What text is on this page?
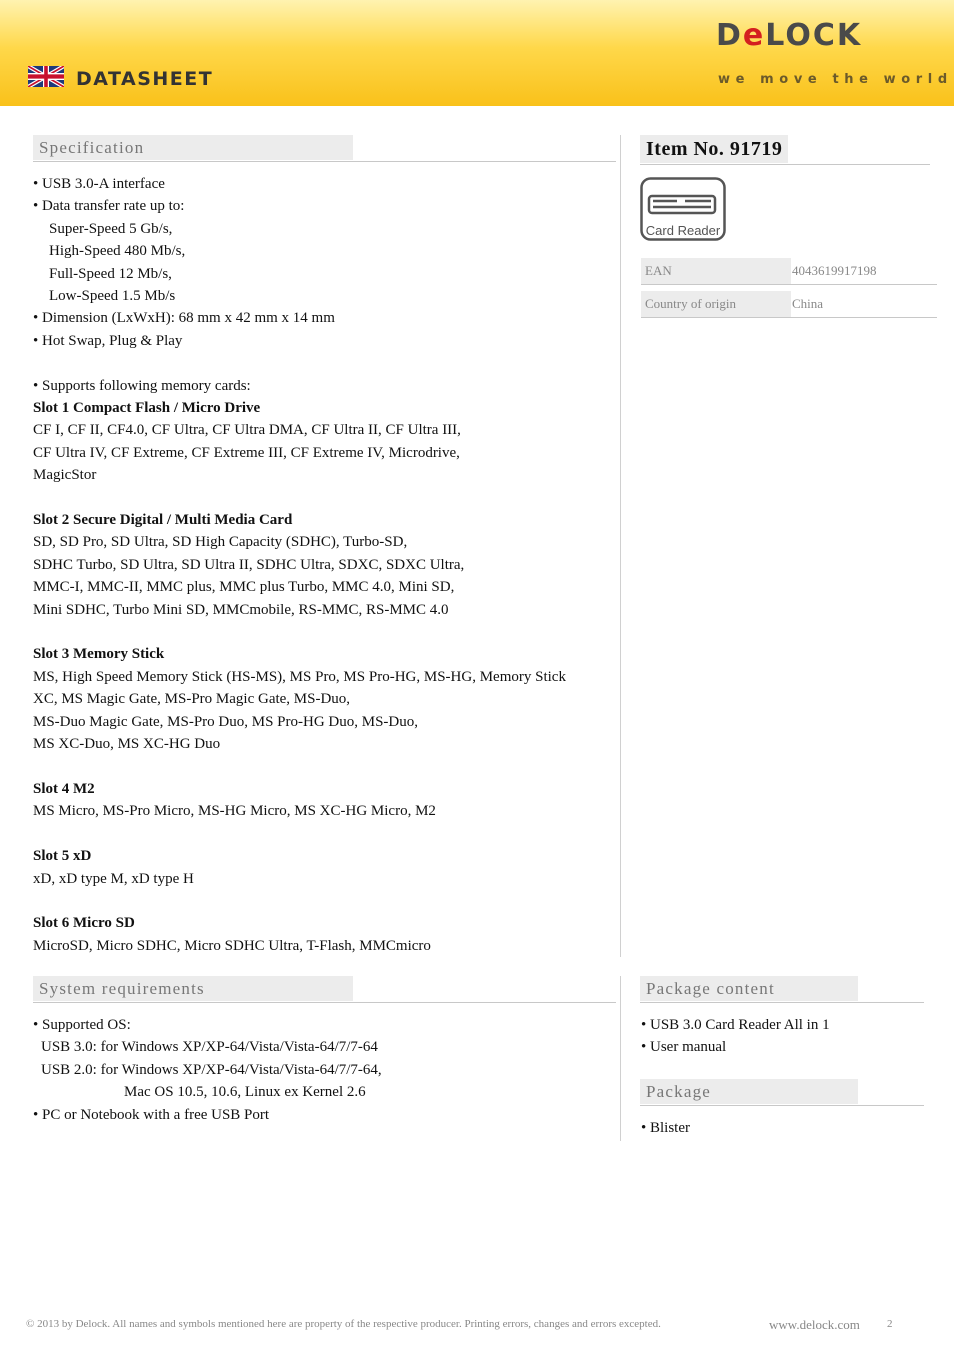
DATASHEET
DeLOCK
we move the world
Specification
• USB 3.0-A interface
• Data transfer rate up to:
Super-Speed 5 Gb/s,
High-Speed 480 Mb/s,
Full-Speed 12 Mb/s,
Low-Speed 1.5 Mb/s
• Dimension (LxWxH): 68 mm x 42 mm x 14 mm
• Hot Swap, Plug & Play
• Supports following memory cards:
Slot 1 Compact Flash / Micro Drive
CF I, CF II, CF4.0, CF Ultra, CF Ultra DMA, CF Ultra II, CF Ultra III,
CF Ultra IV, CF Extreme, CF Extreme III, CF Extreme IV, Microdrive,
MagicStor
Slot 2 Secure Digital / Multi Media Card
SD, SD Pro, SD Ultra, SD High Capacity (SDHC), Turbo-SD,
SDHC Turbo, SD Ultra, SD Ultra II, SDHC Ultra, SDXC, SDXC Ultra,
MMC-I, MMC-II, MMC plus, MMC plus Turbo, MMC 4.0, Mini SD,
Mini SDHC, Turbo Mini SD, MMCmobile, RS-MMC, RS-MMC 4.0
Slot 3 Memory Stick
MS, High Speed Memory Stick (HS-MS), MS Pro, MS Pro-HG, MS-HG, Memory Stick
XC, MS Magic Gate, MS-Pro Magic Gate, MS-Duo,
MS-Duo Magic Gate, MS-Pro Duo, MS Pro-HG Duo, MS-Duo,
MS XC-Duo, MS XC-HG Duo
Slot 4 M2
MS Micro, MS-Pro Micro, MS-HG Micro, MS XC-HG Micro, M2
Slot 5 xD
xD, xD type M, xD type H
Slot 6 Micro SD
MicroSD, Micro SDHC, Micro SDHC Ultra, T-Flash, MMCmicro
Item No. 91719
Card Reader
EAN	4043619917198
Country of origin	China
System requirements
• Supported OS:
USB 3.0: for Windows XP/XP-64/Vista/Vista-64/7/7-64
USB 2.0: for Windows XP/XP-64/Vista/Vista-64/7/7-64,
Mac OS 10.5, 10.6, Linux ex Kernel 2.6
• PC or Notebook with a free USB Port
Package content
• USB 3.0 Card Reader All in 1
• User manual
Package
• Blister
© 2013 by Delock. All names and symbols mentioned here are property of the respective producer. Printing errors, changes and errors excepted.	www.delock.com 2
